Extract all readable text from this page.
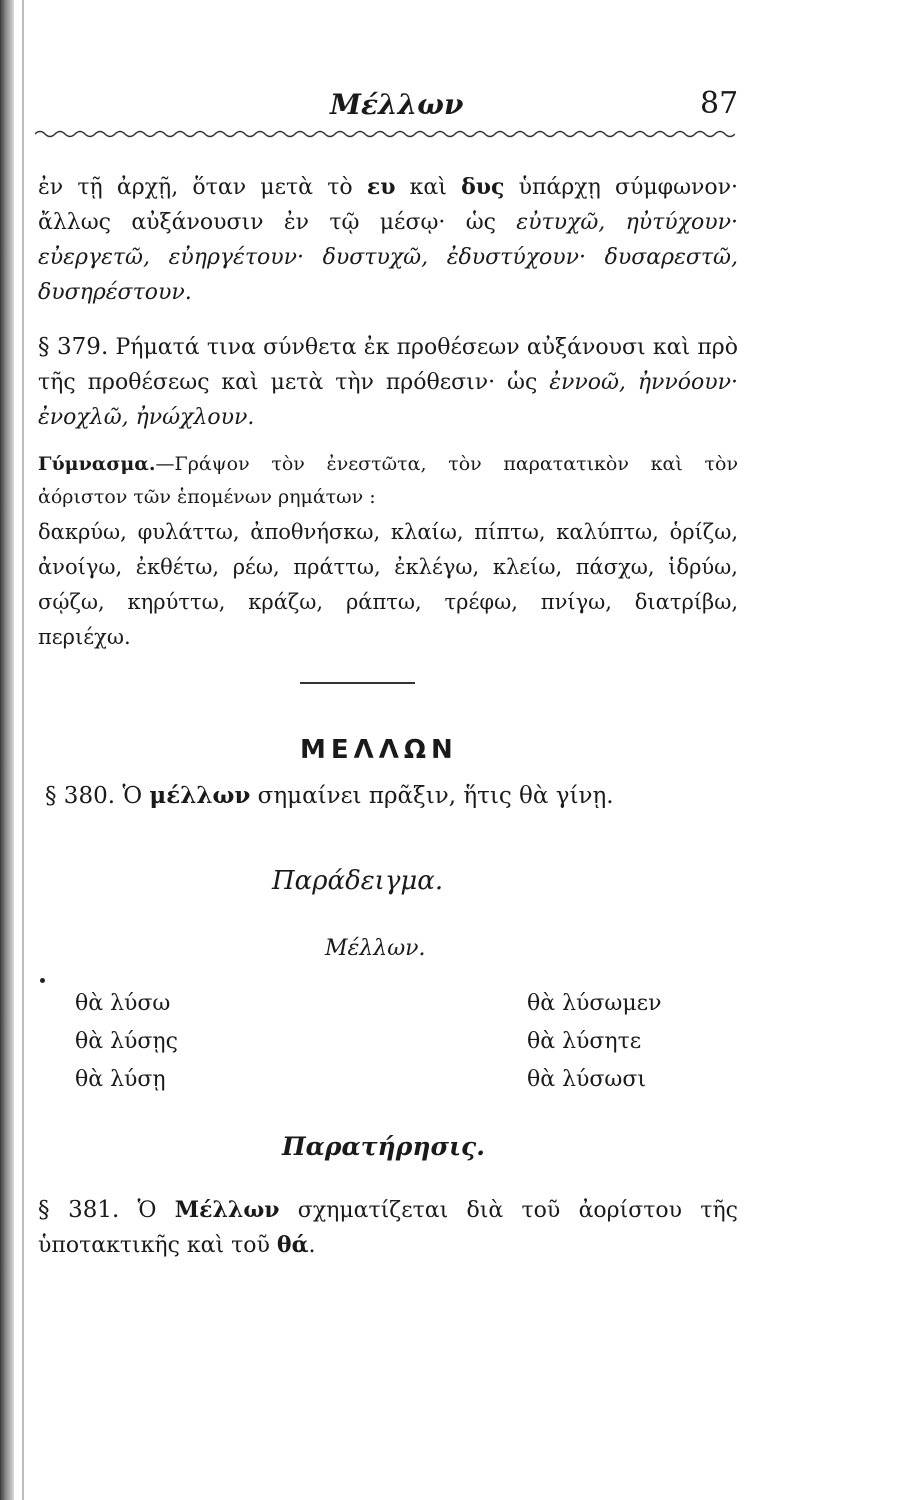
Μέλλων	87
ἐν τῇ ἀρχῇ, ὅταν μετὰ τὸ ευ καὶ δυς ὑπάρχῃ σύμφωνον· ἄλλως αὐξάνουσιν ἐν τῷ μέσῳ· ὡς εὐτυχῶ, ηὐτύχουν· εὐεργετῶ, εὐηργέτουν· δυστυχῶ, ἐδυστύχουν· δυσαρεστῶ, δυσηρέστουν.
§ 379. Ρήματά τινα σύνθετα ἐκ προθέσεων αὐξάνουσι καὶ πρὸ τῆς προθέσεως καὶ μετὰ τὴν πρόθεσιν· ὡς ἐννοῶ, ἠννόουν· ἐνοχλῶ, ἠνώχλουν.
Γύμνασμα.—Γράψον τὸν ἐνεστῶτα, τὸν παρατατικὸν καὶ τὸν ἀόριστον τῶν ἑπομένων ρημάτων :
δακρύω, φυλάττω, ἀποθνήσκω, κλαίω, πίπτω, καλύπτω, ὁρίζω, ἀνοίγω, ἐκθέτω, ρέω, πράττω, ἐκλέγω, κλείω, πάσχω, ἱδρύω, σῴζω, κηρύττω, κράζω, ράπτω, τρέφω, πνίγω, διατρίβω, περιέχω.
ΜΕΛΛΩΝ
§ 380. Ὁ μέλλων σημαίνει πρᾶξιν, ἥτις θὰ γίνῃ.
Παράδειγμα.
Μέλλων.
θὰ λύσω
θὰ λύσῃς
θὰ λύσῃ
θὰ λύσωμεν
θὰ λύσητε
θὰ λύσωσι
Παρατήρησις.
§ 381. Ὁ Μέλλων σχηματίζεται διὰ τοῦ ἀορίστου τῆς ὑποτακτικῆς καὶ τοῦ θά.
